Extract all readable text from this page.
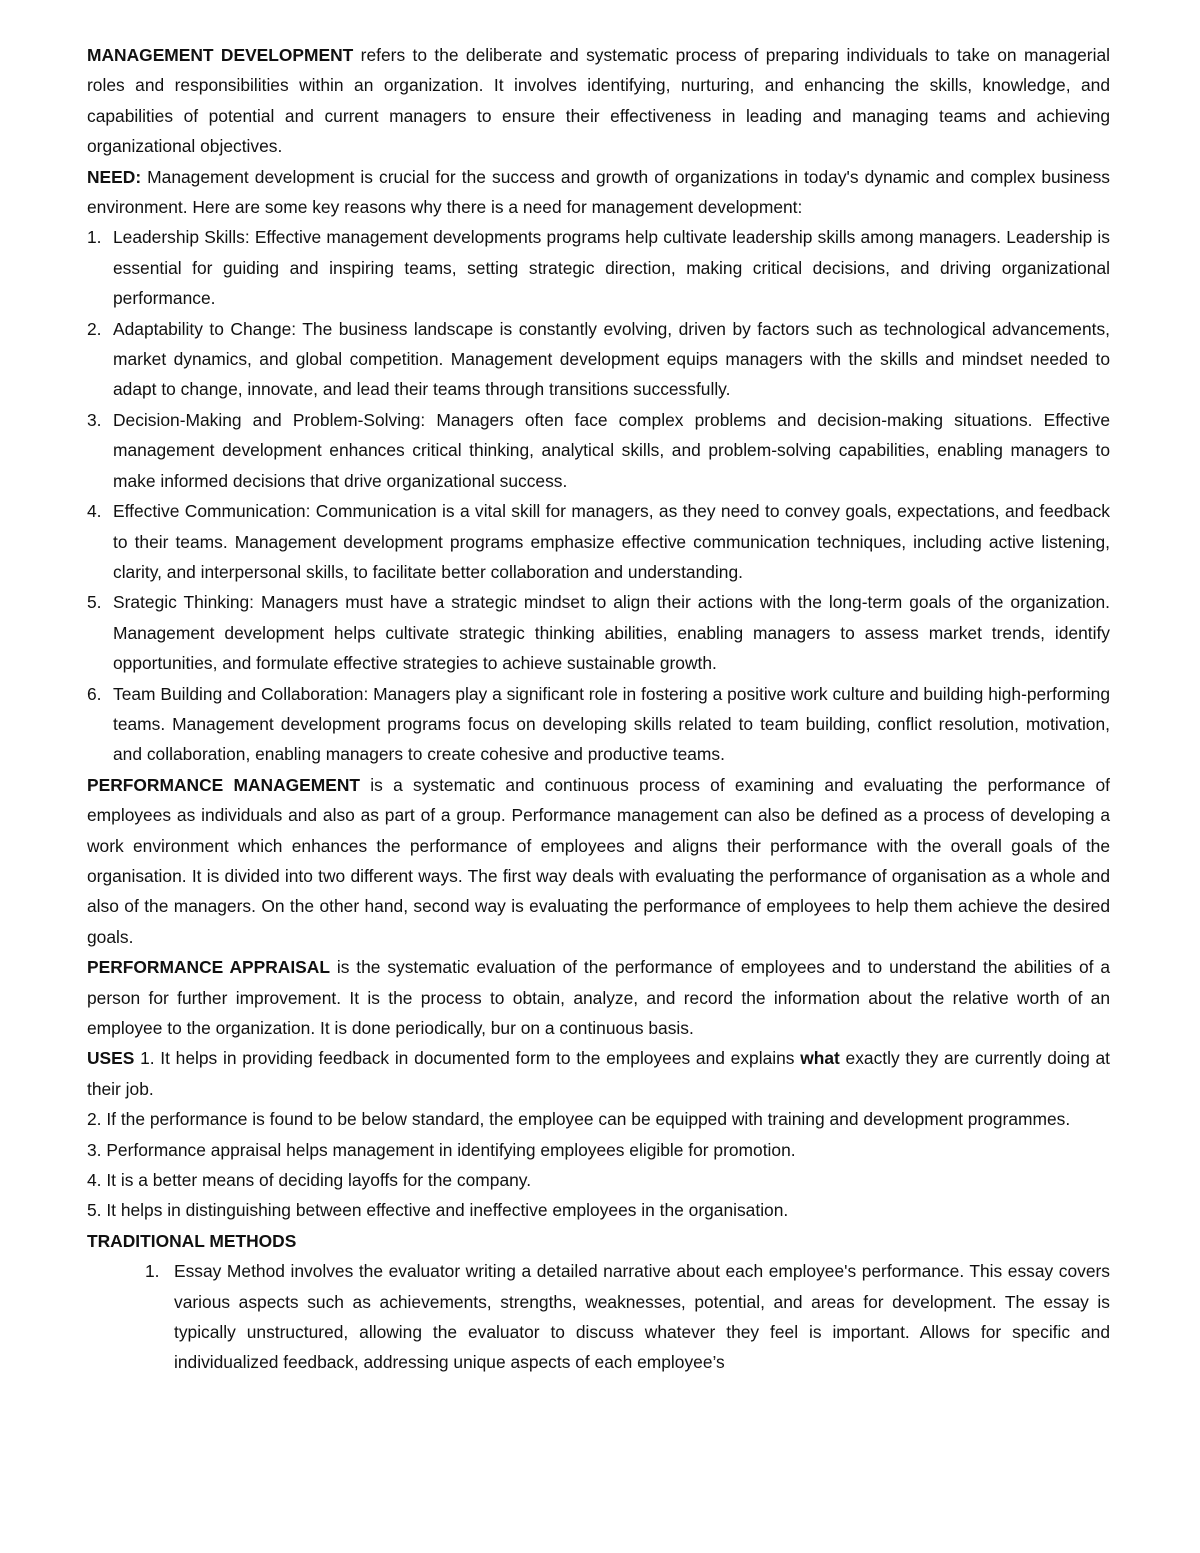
MANAGEMENT DEVELOPMENT refers to the deliberate and systematic process of preparing individuals to take on managerial roles and responsibilities within an organization. It involves identifying, nurturing, and enhancing the skills, knowledge, and capabilities of potential and current managers to ensure their effectiveness in leading and managing teams and achieving organizational objectives.

NEED: Management development is crucial for the success and growth of organizations in today's dynamic and complex business environment. Here are some key reasons why there is a need for management development:

1. Leadership Skills: Effective management developments programs help cultivate leadership skills among managers. Leadership is essential for guiding and inspiring teams, setting strategic direction, making critical decisions, and driving organizational performance.
2. Adaptability to Change: The business landscape is constantly evolving, driven by factors such as technological advancements, market dynamics, and global competition. Management development equips managers with the skills and mindset needed to adapt to change, innovate, and lead their teams through transitions successfully.
3. Decision-Making and Problem-Solving: Managers often face complex problems and decision-making situations. Effective management development enhances critical thinking, analytical skills, and problem-solving capabilities, enabling managers to make informed decisions that drive organizational success.
4. Effective Communication: Communication is a vital skill for managers, as they need to convey goals, expectations, and feedback to their teams. Management development programs emphasize effective communication techniques, including active listening, clarity, and interpersonal skills, to facilitate better collaboration and understanding.
5. Srategic Thinking: Managers must have a strategic mindset to align their actions with the long-term goals of the organization. Management development helps cultivate strategic thinking abilities, enabling managers to assess market trends, identify opportunities, and formulate effective strategies to achieve sustainable growth.
6. Team Building and Collaboration: Managers play a significant role in fostering a positive work culture and building high-performing teams. Management development programs focus on developing skills related to team building, conflict resolution, motivation, and collaboration, enabling managers to create cohesive and productive teams.

PERFORMANCE MANAGEMENT is a systematic and continuous process of examining and evaluating the performance of employees as individuals and also as part of a group. Performance management can also be defined as a process of developing a work environment which enhances the performance of employees and aligns their performance with the overall goals of the organisation. It is divided into two different ways. The first way deals with evaluating the performance of organisation as a whole and also of the managers. On the other hand, second way is evaluating the performance of employees to help them achieve the desired goals.

PERFORMANCE APPRAISAL is the systematic evaluation of the performance of employees and to understand the abilities of a person for further improvement. It is the process to obtain, analyze, and record the information about the relative worth of an employee to the organization. It is done periodically, bur on a continuous basis.

USES 1. It helps in providing feedback in documented form to the employees and explains what exactly they are currently doing at their job.

2. If the performance is found to be below standard, the employee can be equipped with training and development programmes.

3. Performance appraisal helps management in identifying employees eligible for promotion.

4. It is a better means of deciding layoffs for the company.

5. It helps in distinguishing between effective and ineffective employees in the organisation.

TRADITIONAL METHODS

1. Essay Method involves the evaluator writing a detailed narrative about each employee's performance. This essay covers various aspects such as achievements, strengths, weaknesses, potential, and areas for development. The essay is typically unstructured, allowing the evaluator to discuss whatever they feel is important. Allows for specific and individualized feedback, addressing unique aspects of each employee’s
